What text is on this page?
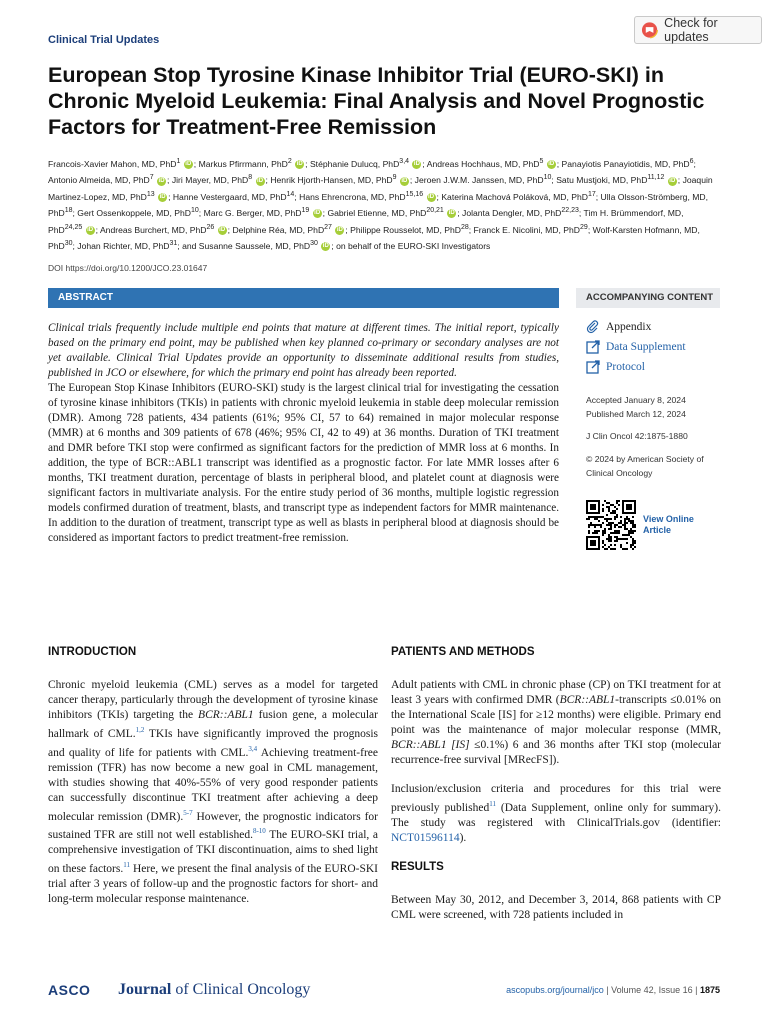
Clinical Trial Updates
Check for updates
European Stop Tyrosine Kinase Inhibitor Trial (EURO-SKI) in Chronic Myeloid Leukemia: Final Analysis and Novel Prognostic Factors for Treatment-Free Remission
Francois-Xavier Mahon, MD, PhD$^1$ iD ; Markus Pfirrmann, PhD$^2$ iD ; Stéphanie Dulucq, PhD$^{3,4}$ iD ; Andreas Hochhaus, MD, PhD$^5$ iD ; Panayiotis Panayiotidis, MD, PhD$^6$; Antonio Almeida, MD, PhD$^7$ iD ; Jiri Mayer, MD, PhD$^8$ iD ; Henrik Hjorth-Hansen, MD, PhD$^9$ iD ; Jeroen J.W.M. Janssen, MD, PhD$^{10}$; Satu Mustjoki, MD, PhD$^{11,12}$ iD ; Joaquin Martinez-Lopez, MD, PhD$^{13}$ iD ; Hanne Vestergaard, MD, PhD$^{14}$; Hans Ehrencrona, MD, PhD$^{15,16}$ iD ; Katerina Machová Poláková, MD, PhD$^{17}$; Ulla Olsson-Strömberg, MD, PhD$^{18}$; Gert Ossenkoppele, MD, PhD$^{10}$; Marc G. Berger, MD, PhD$^{19}$ iD ; Gabriel Etienne, MD, PhD$^{20,21}$ iD ; Jolanta Dengler, MD, PhD$^{22,23}$; Tim H. Brümmendorf, MD, PhD$^{24,25}$ iD ; Andreas Burchert, MD, PhD$^{26}$ iD ; Delphine Réa, MD, PhD$^{27}$ iD ; Philippe Rousselot, MD, PhD$^{28}$; Franck E. Nicolini, MD, PhD$^{29}$; Wolf-Karsten Hofmann, MD, PhD$^{30}$; Johan Richter, MD, PhD$^{31}$; and Susanne Saussele, MD, PhD$^{30}$ iD ; on behalf of the EURO-SKI Investigators
DOI https://doi.org/10.1200/JCO.23.01647
ABSTRACT

Clinical trials frequently include multiple end points that mature at different times. The initial report, typically based on the primary end point, may be published when key planned co-primary or secondary analyses are not yet available. Clinical Trial Updates provide an opportunity to disseminate additional results from studies, published in JCO or elsewhere, for which the primary end point has already been reported.

The European Stop Kinase Inhibitors (EURO-SKI) study is the largest clinical trial for investigating the cessation of tyrosine kinase inhibitors (TKIs) in patients with chronic myeloid leukemia in stable deep molecular remission (DMR). Among 728 patients, 434 patients (61%; 95% CI, 57 to 64) remained in major molecular response (MMR) at 6 months and 309 patients of 678 (46%; 95% CI, 42 to 49) at 36 months. Duration of TKI treatment and DMR before TKI stop were confirmed as significant factors for the prediction of MMR loss at 6 months. In addition, the type of BCR::ABL1 transcript was identified as a prognostic factor. For late MMR losses after 6 months, TKI treatment duration, percentage of blasts in peripheral blood, and platelet count at diagnosis were significant factors in multivariate analysis. For the entire study period of 36 months, multiple logistic regression models confirmed duration of treatment, blasts, and transcript type as independent factors for MMR maintenance. In addition to the duration of treatment, transcript type as well as blasts in peripheral blood at diagnosis should be considered as important factors to predict treatment-free remission.

ACCOMPANYING CONTENT
Appendix
Data Supplement
Protocol
Accepted January 8, 2024
Published March 12, 2024
J Clin Oncol 42:1875-1880
© 2024 by American Society of Clinical Oncology
View Online
Article
INTRODUCTION

Chronic myeloid leukemia (CML) serves as a model for targeted cancer therapy, particularly through the development of tyrosine kinase inhibitors (TKIs) targeting the BCR::ABL1 fusion gene, a molecular hallmark of CML.$^{1,2}$ TKIs have significantly improved the prognosis and quality of life for patients with CML.$^{3,4}$ Achieving treatment-free remission (TFR) has now become a new goal in CML management, with studies showing that 40%-55% of very good responder patients can successfully discontinue TKI treatment after achieving a deep molecular remission (DMR).$^{5-7}$ However, the prognostic indicators for sustained TFR are still not well established.$^{8-10}$ The EURO-SKI trial, a comprehensive investigation of TKI discontinuation, aims to shed light on these factors.$^{11}$ Here, we present the final analysis of the EURO-SKI trial after 3 years of follow-up and the prognostic factors for short- and long-term molecular response maintenance.

PATIENTS AND METHODS

Adult patients with CML in chronic phase (CP) on TKI treatment for at least 3 years with confirmed DMR (BCR::ABL1-transcripts ≤0.01% on the International Scale [IS] for ≥12 months) were eligible. Primary end point was the maintenance of major molecular response (MMR, BCR::ABL1 [IS] ≤0.1%) 6 and 36 months after TKI stop (molecular recurrence-free survival [MRecFS]).

Inclusion/exclusion criteria and procedures for this trial were previously published$^{11}$ (Data Supplement, online only for summary). The study was registered with ClinicalTrials.gov (identifier: NCT01596114).

RESULTS

Between May 30, 2012, and December 3, 2014, 868 patients with CP CML were screened, with 728 patients included in

ASCO Journal of Clinical Oncology	ascopubs.org/journal/jco | Volume 42, Issue 16 | 1875
